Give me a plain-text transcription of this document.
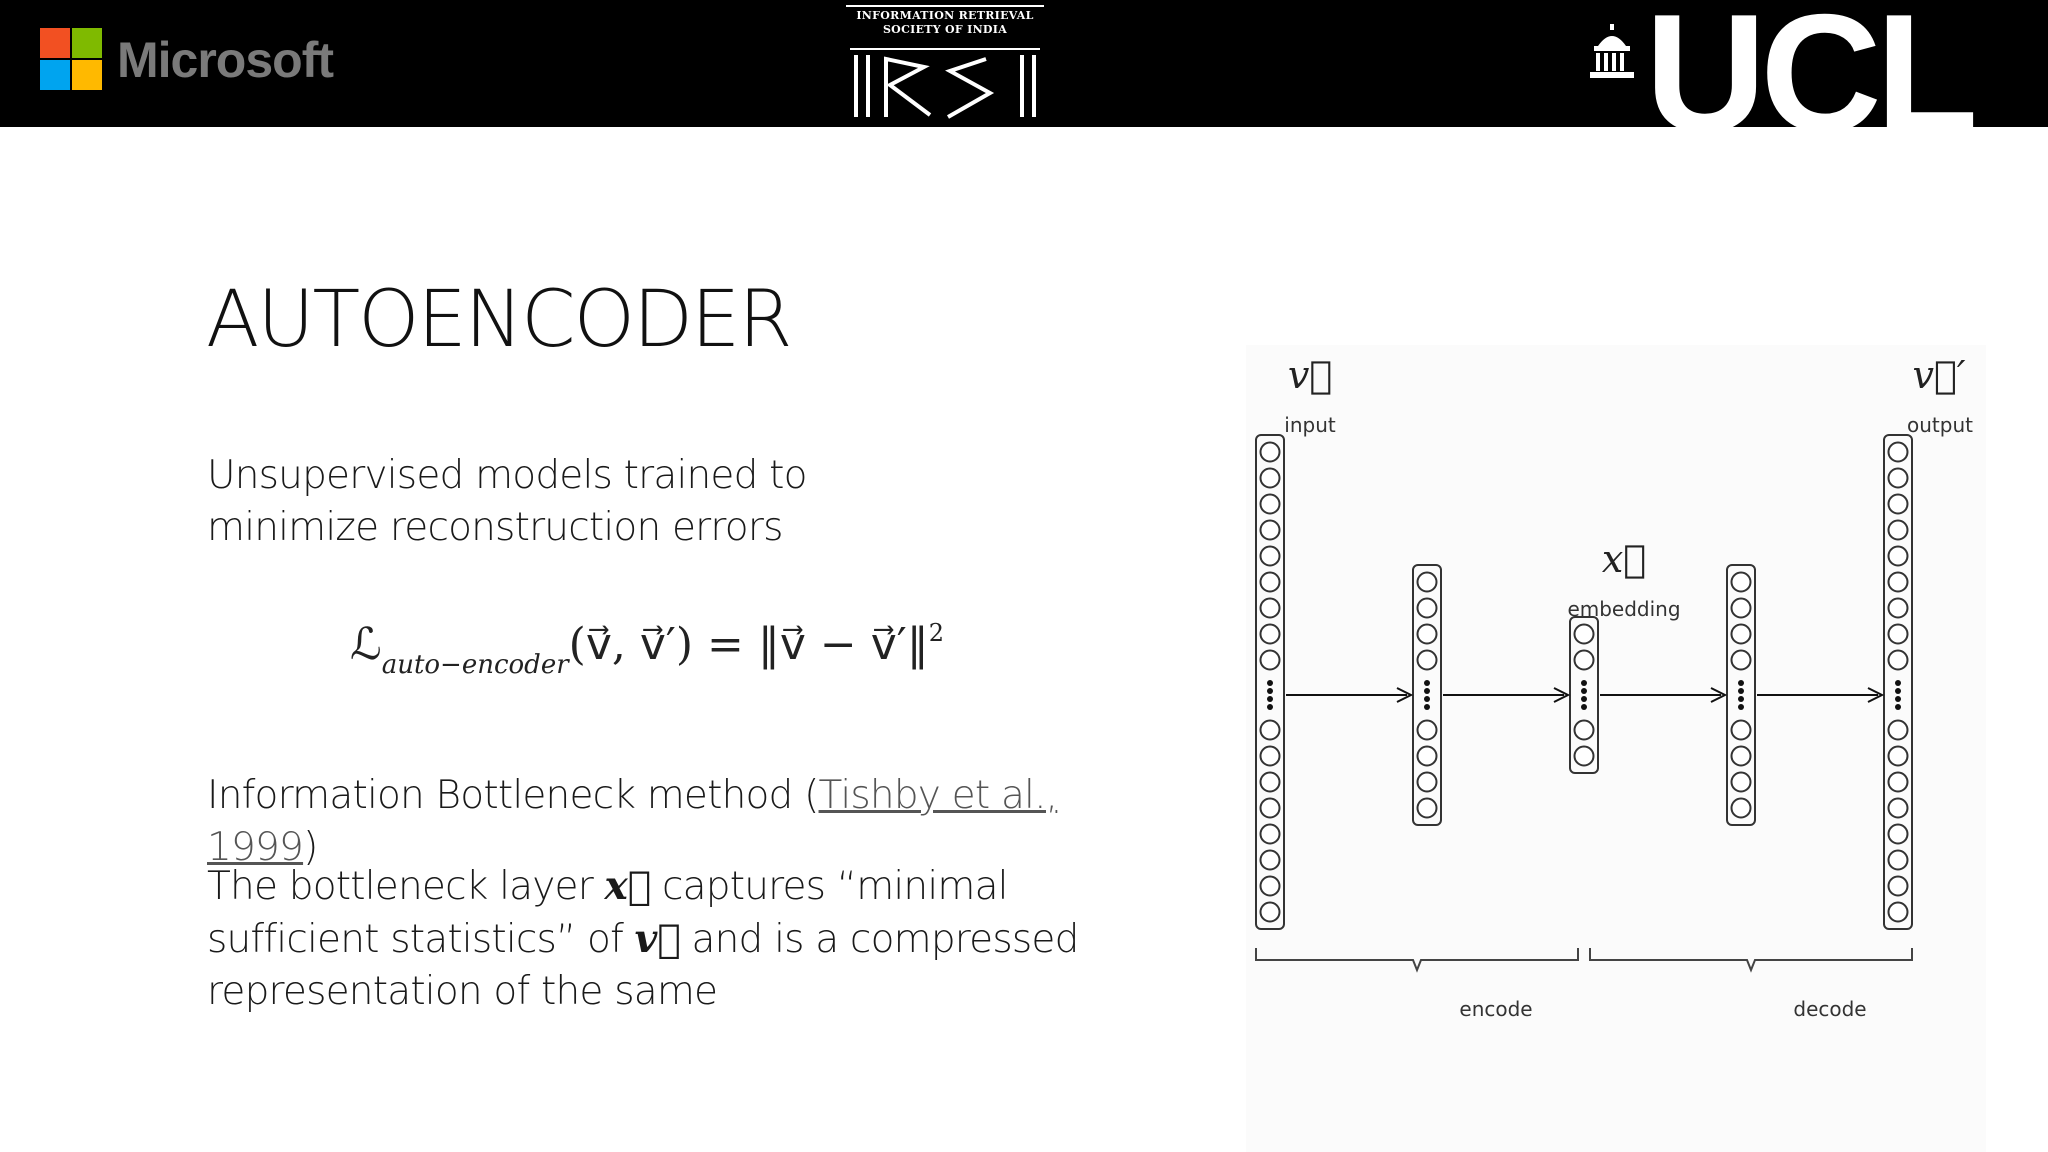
Microsoft
INFORMATION RETRIEVAL
SOCIETY OF INDIA	UCL
AUTOENCODER
Unsupervised models trained to minimize reconstruction errors
ℒ$_{auto-encoder}$(v⃗, v⃗′) = ‖v⃗ − v⃗′‖$^2$
Information Bottleneck method (Tishby et al., 1999)
The bottleneck layer x⃗ captures “minimal sufficient statistics” of v⃗ and is a compressed representation of the same
v⃗
input
v⃗′
output
x⃗
embedding
encode	decode
